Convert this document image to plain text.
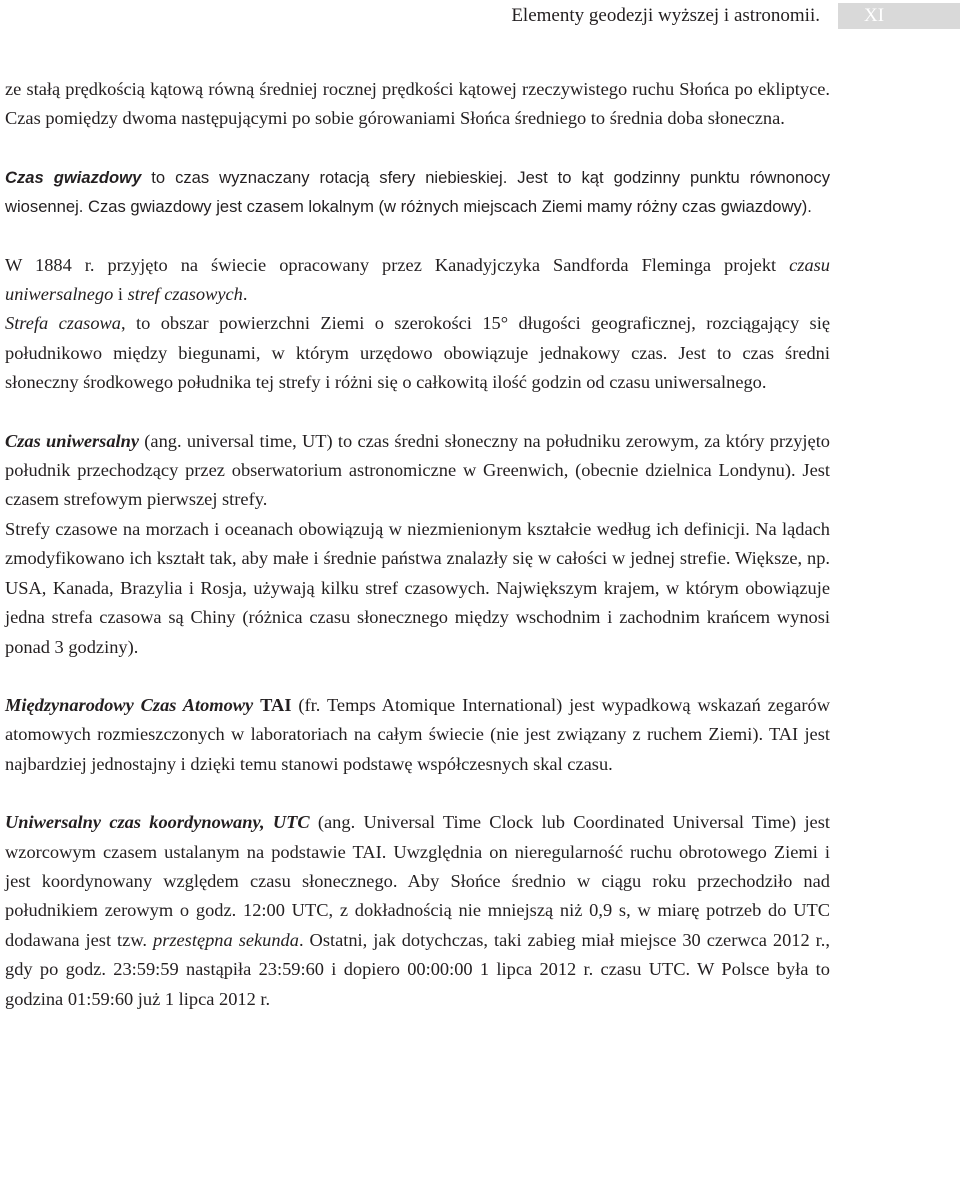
Elementy geodezji wyższej i astronomii. XI

ze stałą prędkością kątową równą średniej rocznej prędkości kątowej rzeczywistego ruchu Słońca po ekliptyce. Czas pomiędzy dwoma następującymi po sobie górowaniami Słońca średniego to średnia doba słoneczna.

Czas gwiazdowy to czas wyznaczany rotacją sfery niebieskiej. Jest to kąt godzinny punktu równonocy wiosennej. Czas gwiazdowy jest czasem lokalnym (w różnych miejscach Ziemi mamy różny czas gwiazdowy).

W 1884 r. przyjęto na świecie opracowany przez Kanadyjczyka Sandforda Fleminga projekt czasu uniwersalnego i stref czasowych.

Strefa czasowa, to obszar powierzchni Ziemi o szerokości 15° długości geograficznej, rozciągający się południkowo między biegunami, w którym urzędowo obowiązuje jednakowy czas. Jest to czas średni słoneczny środkowego południka tej strefy i różni się o całkowitą ilość godzin od czasu uniwersalnego.

Czas uniwersalny (ang. universal time, UT) to czas średni słoneczny na południku zerowym, za który przyjęto południk przechodzący przez obserwatorium astronomiczne w Greenwich, (obecnie dzielnica Londynu). Jest czasem strefowym pierwszej strefy.

Strefy czasowe na morzach i oceanach obowiązują w niezmienionym kształcie według ich definicji. Na lądach zmodyfikowano ich kształt tak, aby małe i średnie państwa znalazły się w całości w jednej strefie. Większe, np. USA, Kanada, Brazylia i Rosja, używają kilku stref czasowych. Największym krajem, w którym obowiązuje jedna strefa czasowa są Chiny (różnica czasu słonecznego między wschodnim i zachodnim krańcem wynosi ponad 3 godziny).

Międzynarodowy Czas Atomowy TAI (fr. Temps Atomique International) jest wypadkową wskazań zegarów atomowych rozmieszczonych w laboratoriach na całym świecie (nie jest związany z ruchem Ziemi). TAI jest najbardziej jednostajny i dzięki temu stanowi podstawę współczesnych skal czasu.

Uniwersalny czas koordynowany, UTC (ang. Universal Time Clock lub Coordinated Universal Time) jest wzorcowym czasem ustalanym na podstawie TAI. Uwzględnia on nieregularność ruchu obrotowego Ziemi i jest koordynowany względem czasu słonecznego. Aby Słońce średnio w ciągu roku przechodziło nad południkiem zerowym o godz. 12:00 UTC, z dokładnością nie mniejszą niż 0,9 s, w miarę potrzeb do UTC dodawana jest tzw. przestępna sekunda. Ostatni, jak dotychczas, taki zabieg miał miejsce 30 czerwca 2012 r., gdy po godz. 23:59:59 nastąpiła 23:59:60 i dopiero 00:00:00 1 lipca 2012 r. czasu UTC. W Polsce była to godzina 01:59:60 już 1 lipca 2012 r.
